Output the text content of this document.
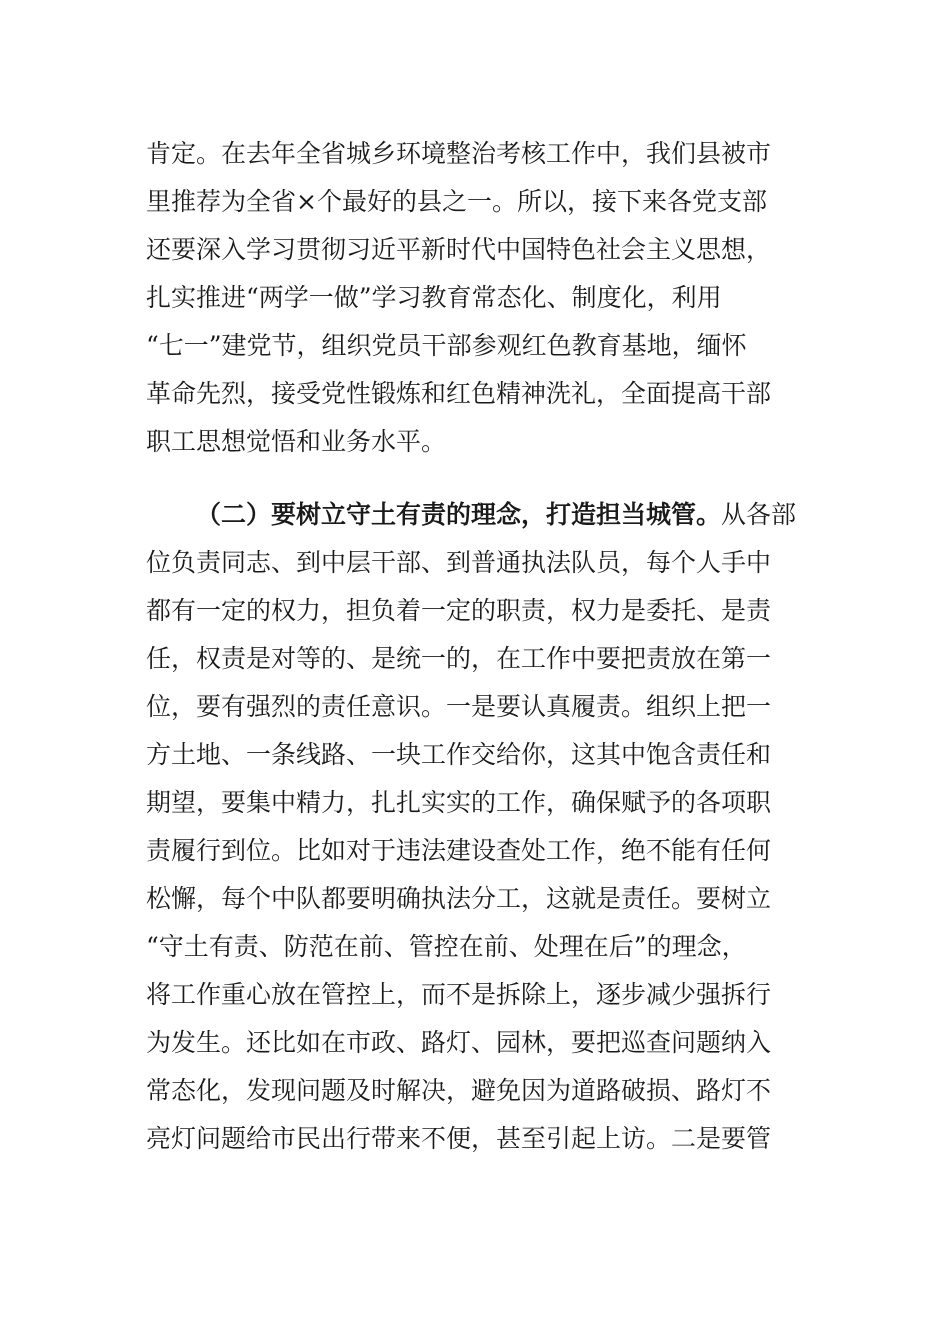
肯定。在去年全省城乡环境整治考核工作中，我们县被市
里推荐为全省×个最好的县之一。所以，接下来各党支部
还要深入学习贯彻习近平新时代中国特色社会主义思想，
扎实推进“两学一做”学习教育常态化、制度化，利用
“七一”建党节，组织党员干部参观红色教育基地，缅怀
革命先烈，接受党性锻炼和红色精神洗礼，全面提高干部
职工思想觉悟和业务水平。
（二）要树立守土有责的理念，打造担当城管。从各部
位负责同志、到中层干部、到普通执法队员，每个人手中
都有一定的权力，担负着一定的职责，权力是委托、是责
任，权责是对等的、是统一的，在工作中要把责放在第一
位，要有强烈的责任意识。一是要认真履责。组织上把一
方土地、一条线路、一块工作交给你，这其中饱含责任和
期望，要集中精力，扎扎实实的工作，确保赋予的各项职
责履行到位。比如对于违法建设查处工作，绝不能有任何
松懈，每个中队都要明确执法分工，这就是责任。要树立
“守土有责、防范在前、管控在前、处理在后”的理念，
将工作重心放在管控上，而不是拆除上，逐步减少强拆行
为发生。还比如在市政、路灯、园林，要把巡查问题纳入
常态化，发现问题及时解决，避免因为道路破损、路灯不
亮灯问题给市民出行带来不便，甚至引起上访。二是要管
